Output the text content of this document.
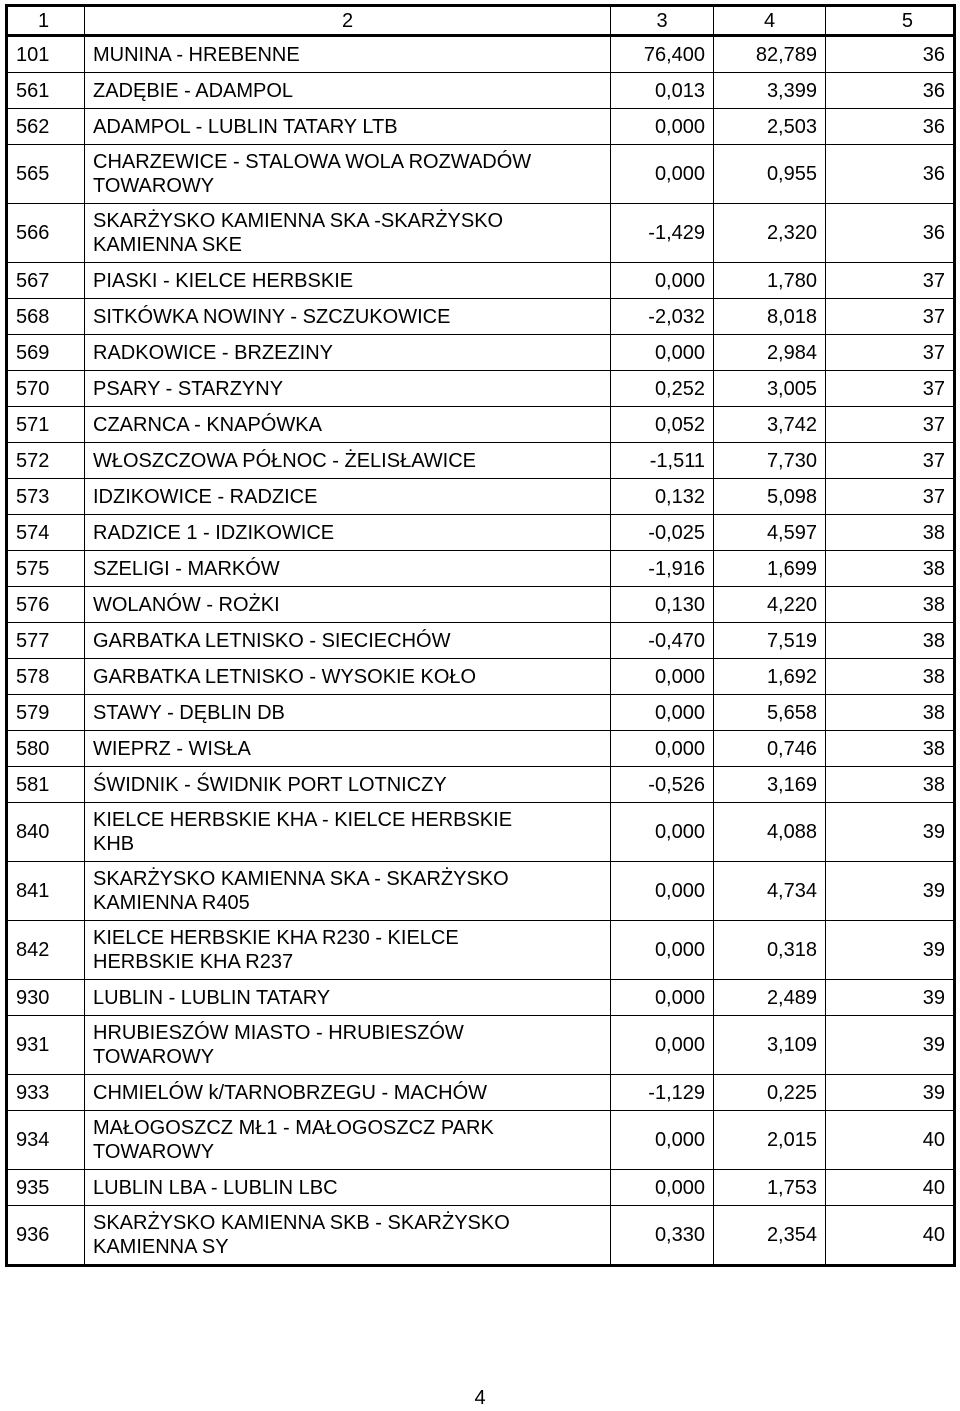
1	2	3	4	5
101	MUNINA - HREBENNE	76,400	82,789	36
561	ZADĘBIE - ADAMPOL	0,013	3,399	36
562	ADAMPOL - LUBLIN TATARY LTB	0,000	2,503	36
565	CHARZEWICE - STALOWA WOLA ROZWADÓW
TOWAROWY	0,000	0,955	36
566	SKARŻYSKO KAMIENNA SKA -SKARŻYSKO
KAMIENNA SKE	-1,429	2,320	36
567	PIASKI - KIELCE HERBSKIE	0,000	1,780	37
568	SITKÓWKA NOWINY - SZCZUKOWICE	-2,032	8,018	37
569	RADKOWICE - BRZEZINY	0,000	2,984	37
570	PSARY - STARZYNY	0,252	3,005	37
571	CZARNCA - KNAPÓWKA	0,052	3,742	37
572	WŁOSZCZOWA PÓŁNOC - ŻELISŁAWICE	-1,511	7,730	37
573	IDZIKOWICE - RADZICE	0,132	5,098	37
574	RADZICE 1 - IDZIKOWICE	-0,025	4,597	38
575	SZELIGI - MARKÓW	-1,916	1,699	38
576	WOLANÓW - ROŻKI	0,130	4,220	38
577	GARBATKA LETNISKO - SIECIECHÓW	-0,470	7,519	38
578	GARBATKA LETNISKO - WYSOKIE KOŁO	0,000	1,692	38
579	STAWY - DĘBLIN DB	0,000	5,658	38
580	WIEPRZ - WISŁA	0,000	0,746	38
581	ŚWIDNIK - ŚWIDNIK PORT LOTNICZY	-0,526	3,169	38
840	KIELCE HERBSKIE KHA - KIELCE HERBSKIE
KHB	0,000	4,088	39
841	SKARŻYSKO KAMIENNA SKA - SKARŻYSKO
KAMIENNA R405	0,000	4,734	39
842	KIELCE HERBSKIE KHA R230 - KIELCE
HERBSKIE KHA R237	0,000	0,318	39
930	LUBLIN - LUBLIN TATARY	0,000	2,489	39
931	HRUBIESZÓW MIASTO - HRUBIESZÓW
TOWAROWY	0,000	3,109	39
933	CHMIELÓW k/TARNOBRZEGU - MACHÓW	-1,129	0,225	39
934	MAŁOGOSZCZ MŁ1 - MAŁOGOSZCZ PARK
TOWAROWY	0,000	2,015	40
935	LUBLIN LBA - LUBLIN LBC	0,000	1,753	40
936	SKARŻYSKO KAMIENNA SKB - SKARŻYSKO
KAMIENNA SY	0,330	2,354	40
4
